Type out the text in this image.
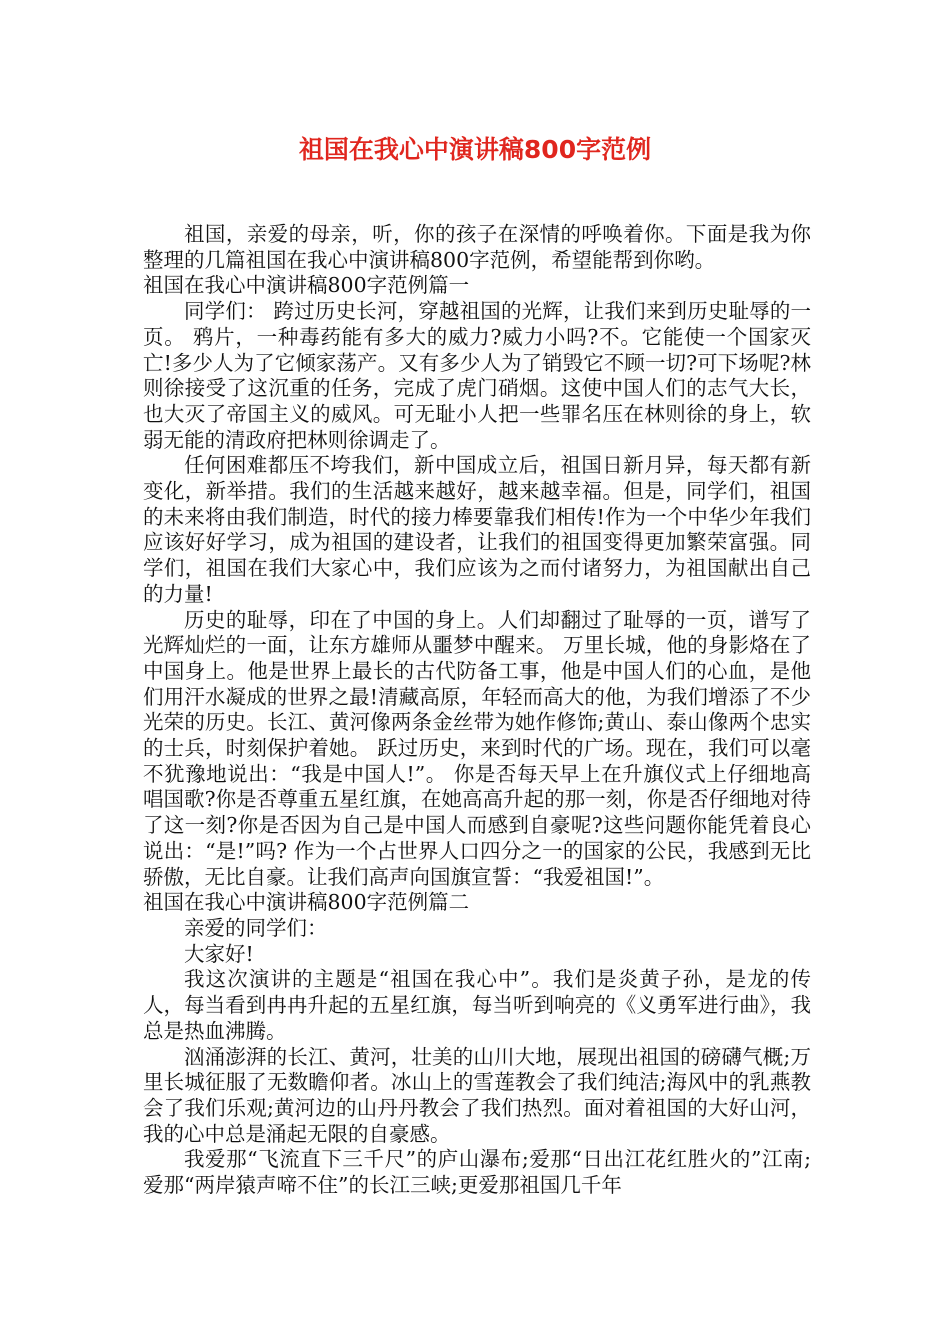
祖国在我心中演讲稿800字范例

祖国，亲爱的母亲，听，你的孩子在深情的呼唤着你。下面是我为你整理的几篇祖国在我心中演讲稿800字范例，希望能帮到你哟。

祖国在我心中演讲稿800字范例篇一

同学们： 跨过历史长河，穿越祖国的光辉，让我们来到历史耻辱的一页。 鸦片，一种毒药能有多大的威力?威力小吗?不。它能使一个国家灭亡!多少人为了它倾家荡产。又有多少人为了销毁它不顾一切?可下场呢?林则徐接受了这沉重的任务，完成了虎门硝烟。这使中国人们的志气大长，也大灭了帝国主义的威风。可无耻小人把一些罪名压在林则徐的身上，软弱无能的清政府把林则徐调走了。

任何困难都压不垮我们，新中国成立后，祖国日新月异，每天都有新变化，新举措。我们的生活越来越好，越来越幸福。但是，同学们，祖国的未来将由我们制造，时代的接力棒要靠我们相传!作为一个中华少年我们应该好好学习，成为祖国的建设者，让我们的祖国变得更加繁荣富强。同学们，祖国在我们大家心中，我们应该为之而付诸努力，为祖国献出自己的力量!

历史的耻辱，印在了中国的身上。人们却翻过了耻辱的一页，谱写了光辉灿烂的一面，让东方雄师从噩梦中醒来。 万里长城，他的身影烙在了中国身上。他是世界上最长的古代防备工事，他是中国人们的心血，是他们用汗水凝成的世界之最!清藏高原，年轻而高大的他，为我们增添了不少光荣的历史。长江、黄河像两条金丝带为她作修饰;黄山、泰山像两个忠实的士兵，时刻保护着她。 跃过历史，来到时代的广场。现在，我们可以毫不犹豫地说出：“我是中国人!”。 你是否每天早上在升旗仪式上仔细地高唱国歌?你是否尊重五星红旗，在她高高升起的那一刻，你是否仔细地对待了这一刻?你是否因为自己是中国人而感到自豪呢?这些问题你能凭着良心说出：“是!”吗? 作为一个占世界人口四分之一的国家的公民，我感到无比骄傲，无比自豪。让我们高声向国旗宣誓：“我爱祖国!”。

祖国在我心中演讲稿800字范例篇二

亲爱的同学们：

大家好!

我这次演讲的主题是“祖国在我心中”。我们是炎黄子孙，是龙的传人，每当看到冉冉升起的五星红旗，每当听到响亮的《义勇军进行曲》，我总是热血沸腾。

汹涌澎湃的长江、黄河，壮美的山川大地，展现出祖国的磅礴气概;万里长城征服了无数瞻仰者。冰山上的雪莲教会了我们纯洁;海风中的乳燕教会了我们乐观;黄河边的山丹丹教会了我们热烈。面对着祖国的大好山河，我的心中总是涌起无限的自豪感。

我爱那“飞流直下三千尺”的庐山瀑布;爱那“日出江花红胜火的”江南;爱那“两岸猿声啼不住”的长江三峡;更爱那祖国几千年
